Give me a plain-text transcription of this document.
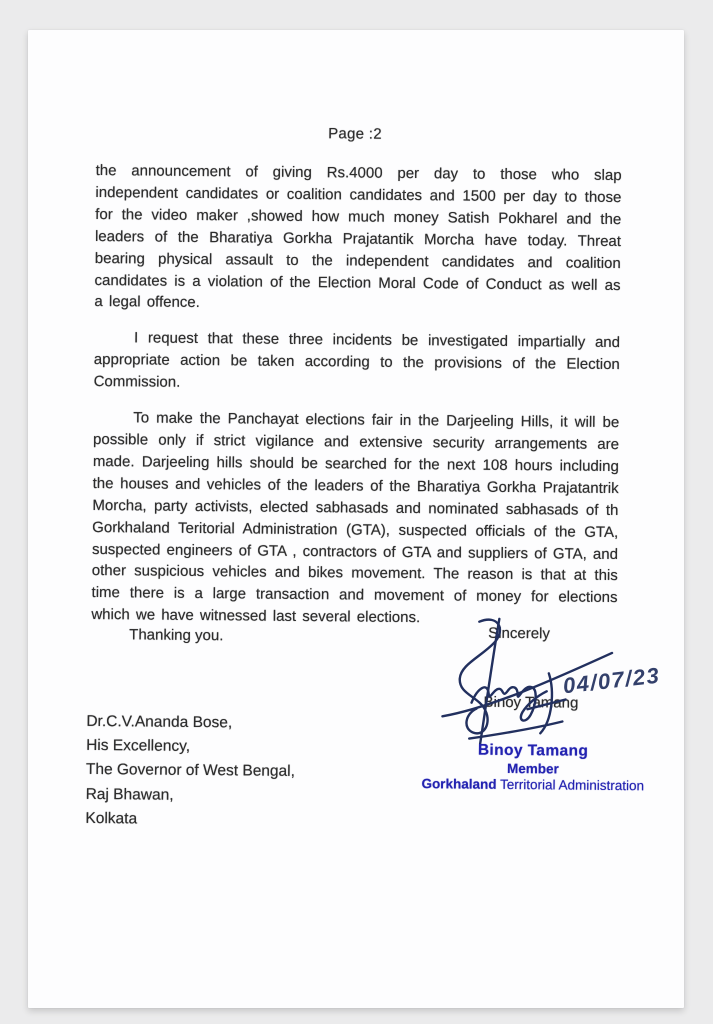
Page :2

the announcement of giving Rs.4000 per day to those who slap independent candidates or coalition candidates and 1500 per day to those for the video maker ,showed how much money Satish Pokharel and the leaders of the Bharatiya Gorkha Prajatantik Morcha have today. Threat bearing physical assault to the independent candidates and coalition candidates is a violation of the Election Moral Code of Conduct as well as a legal offence.

I request that these three incidents be investigated impartially and appropriate action be taken according to the provisions of the Election Commission.

To make the Panchayat elections fair in the Darjeeling Hills, it will be possible only if strict vigilance and extensive security arrangements are made. Darjeeling hills should be searched for the next 108 hours including the houses and vehicles of the leaders of the Bharatiya Gorkha Prajatantrik Morcha, party activists, elected sabhasads and nominated sabhasads of th Gorkhaland Teritorial Administration (GTA), suspected officials of the GTA, suspected engineers of GTA , contractors of GTA and suppliers of GTA, and other suspicious vehicles and bikes movement. The reason is that at this time there is a large transaction and movement of money for elections which we have witnessed last several elections.

Thanking you.	Sincerely
Binoy Tamang
04/07/23
Binoy Tamang
Member
Gorkhaland Territorial Administration
Dr.C.V.Ananda Bose,
His Excellency,
The Governor of West Bengal,
Raj Bhawan,
Kolkata
